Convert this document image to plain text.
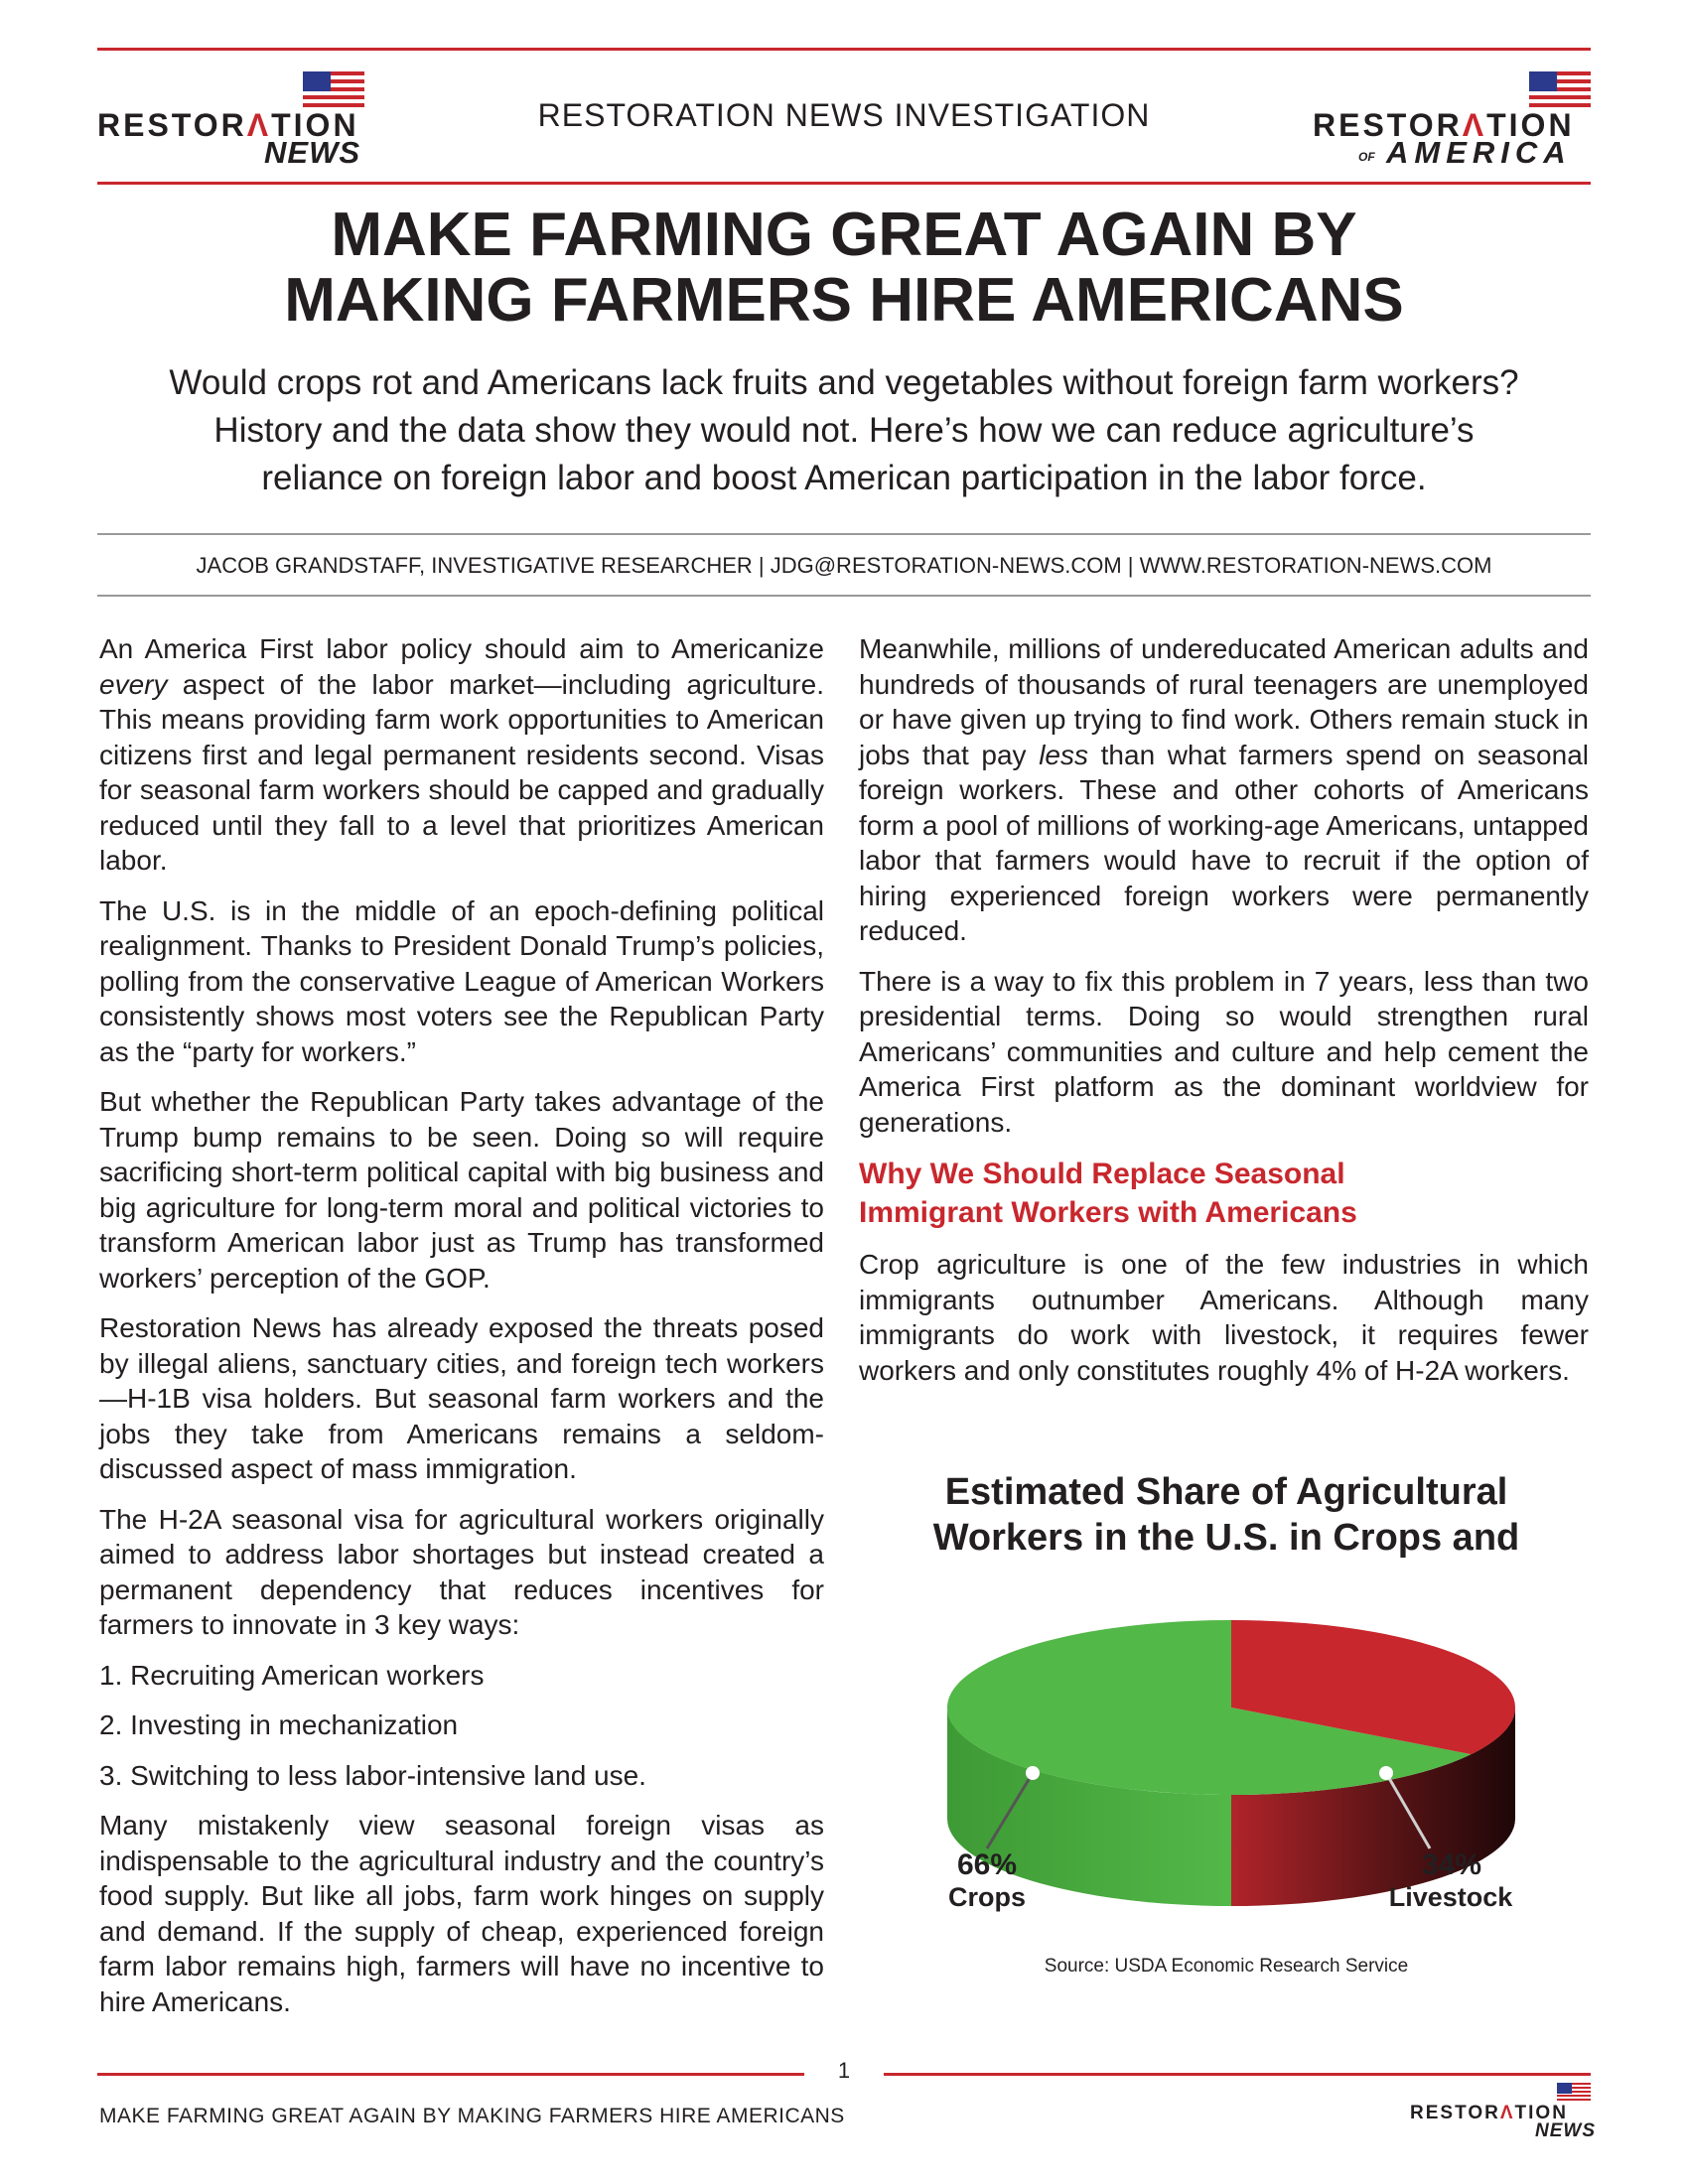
RESTORΛTION
NEWS
RESTORATION NEWS INVESTIGATION	RESTORΛTION
OF AMERICA
MAKE FARMING GREAT AGAIN BY
MAKING FARMERS HIRE AMERICANS
Would crops rot and Americans lack fruits and vegetables without foreign farm workers?
History and the data show they would not. Here’s how we can reduce agriculture’s
reliance on foreign labor and boost American participation in the labor force.
JACOB GRANDSTAFF, INVESTIGATIVE RESEARCHER | JDG@RESTORATION-NEWS.COM | WWW.RESTORATION-NEWS.COM

An America First labor policy should aim to Americanize every aspect of the labor market—including agriculture. This means providing farm work opportunities to American citizens first and legal permanent residents second. Visas for seasonal farm workers should be capped and gradually reduced until they fall to a level that prioritizes American labor.

The U.S. is in the middle of an epoch-defining political realignment. Thanks to President Donald Trump’s policies, polling from the conservative League of American Workers consistently shows most voters see the Republican Party as the “party for workers.”

But whether the Republican Party takes advantage of the Trump bump remains to be seen. Doing so will require sacrificing short-term political capital with big business and big agriculture for long-term moral and political victories to transform American labor just as Trump has transformed workers’ perception of the GOP.

Restoration News has already exposed the threats posed by illegal aliens, sanctuary cities, and foreign tech workers—H-1B visa holders. But seasonal farm workers and the jobs they take from Americans remains a seldom-discussed aspect of mass immigration.

The H-2A seasonal visa for agricultural workers originally aimed to address labor shortages but instead created a permanent dependency that reduces incentives for farmers to innovate in 3 key ways:

1. Recruiting American workers
2. Investing in mechanization
3. Switching to less labor-intensive land use.

Many mistakenly view seasonal foreign visas as indispensable to the agricultural industry and the country’s food supply. But like all jobs, farm work hinges on supply and demand. If the supply of cheap, experienced foreign farm labor remains high, farmers will have no incentive to hire Americans.

Meanwhile, millions of undereducated American adults and hundreds of thousands of rural teenagers are unemployed or have given up trying to find work. Others remain stuck in jobs that pay less than what farmers spend on seasonal foreign workers. These and other cohorts of Americans form a pool of millions of working-age Americans, untapped labor that farmers would have to recruit if the option of hiring experienced foreign workers were permanently reduced.

There is a way to fix this problem in 7 years, less than two presidential terms. Doing so would strengthen rural Americans’ communities and culture and help cement the America First platform as the dominant worldview for generations.

Why We Should Replace Seasonal
Immigrant Workers with Americans

Crop agriculture is one of the few industries in which immigrants outnumber Americans. Although many immigrants do work with livestock, it requires fewer workers and only constitutes roughly 4% of H-2A workers.

Estimated Share of Agricultural
Workers in the U.S. in Crops and
66%
Crops
34%
Livestock
Source: USDA Economic Research Service
1
MAKE FARMING GREAT AGAIN BY MAKING FARMERS HIRE AMERICANS	RESTORΛTION
NEWS
